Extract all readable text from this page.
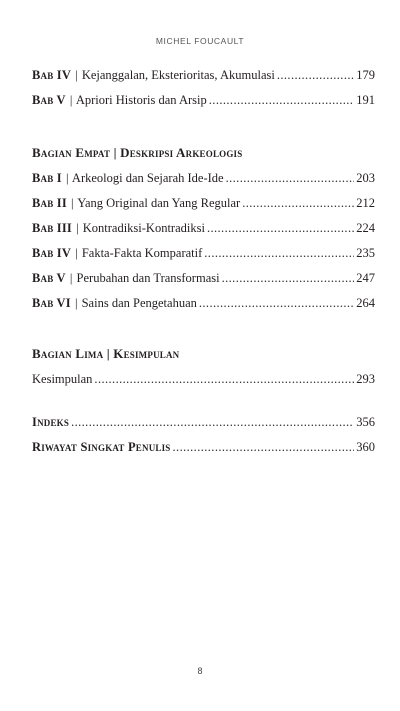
MICHEL FOUCAULT
Bab IV | Kejanggalan, Eksterioritas, Akumulasi .....	179
Bab V | Apriori Historis dan Arsip .....	191
Bagian Empat | Deskripsi Arkeologis
Bab I | Arkeologi dan Sejarah Ide-Ide .....	203
Bab II | Yang Original dan Yang Regular .....	212
Bab III | Kontradiksi-Kontradiksi .....	224
Bab IV | Fakta-Fakta Komparatif .....	235
Bab V | Perubahan dan Transformasi .....	247
Bab VI | Sains dan Pengetahuan .....	264
Bagian Lima | Kesimpulan
Kesimpulan .....	293
Indeks .....	356
Riwayat Singkat Penulis .....	360
8
